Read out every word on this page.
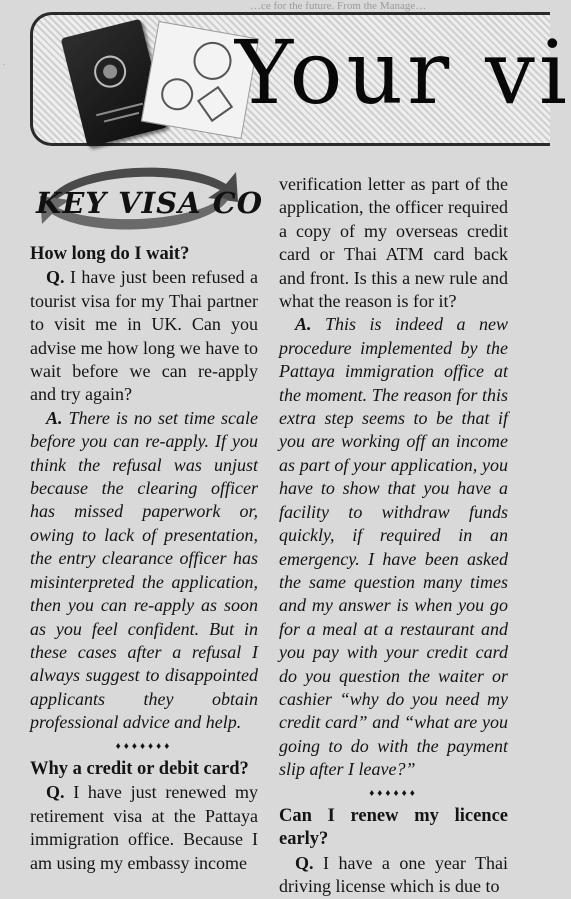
…ce for the future. From the Manage…
·	Your vi
KEY VISA CO
How long do I wait?

Q. I have just been refused a tourist visa for my Thai partner to visit me in UK. Can you advise me how long we have to wait before we can re-apply and try again?

A. There is no set time scale before you can re-apply. If you think the refusal was unjust because the clearing officer has missed paperwork or, owing to lack of presentation, the entry clearance officer has misinterpreted the application, then you can re-apply as soon as you feel confident. But in these cases after a refusal I always suggest to disappointed applicants they obtain professional advice and help.

♦♦♦♦♦♦♦
Why a credit or debit card?

Q. I have just renewed my retirement visa at the Pattaya immigration office. Because I am using my embassy income

verification letter as part of the application, the officer required a copy of my overseas credit card or Thai ATM card back and front. Is this a new rule and what the reason is for it?

A. This is indeed a new procedure implemented by the Pattaya immigration office at the moment. The reason for this extra step seems to be that if you are working off an income as part of your application, you have to show that you have a facility to withdraw funds quickly, if required in an emergency. I have been asked the same question many times and my answer is when you go for a meal at a restaurant and you pay with your credit card do you question the waiter or cashier “why do you need my credit card” and “what are you going to do with the payment slip after I leave?”

♦♦♦♦♦♦
Can I renew my licence early?

Q. I have a one year Thai driving license which is due to
